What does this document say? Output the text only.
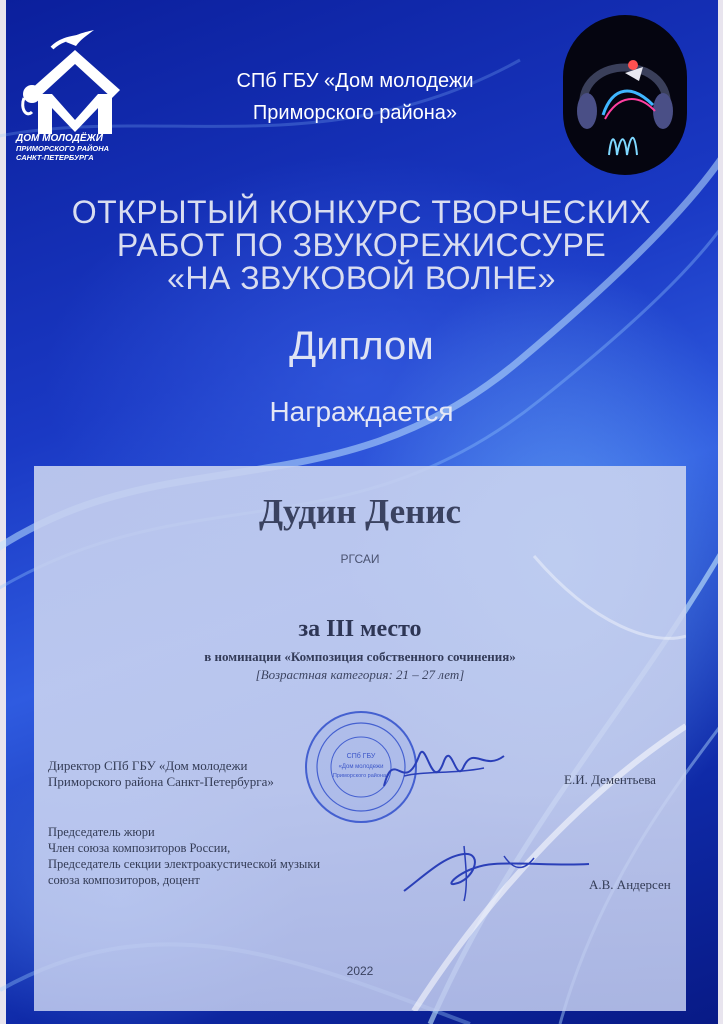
ДОМ МОЛОДЁЖИ
ПРИМОРСКОГО РАЙОНА
САНКТ-ПЕТЕРБУРГА
СПб ГБУ «Дом молодежи
Приморского района»
ОТКРЫТЫЙ КОНКУРС ТВОРЧЕСКИХ
РАБОТ ПО ЗВУКОРЕЖИССУРЕ
«НА ЗВУКОВОЙ ВОЛНЕ»
Диплом
Награждается
Дудин Денис
РГСАИ
за III место
в номинации «Композиция собственного сочинения»
[Возрастная категория: 21 – 27 лет]
Директор СПб ГБУ «Дом молодежи
Приморского района Санкт-Петербурга»	Е.И. Дементьева
СПб ГБУ
«Дом молодежи
Приморского района»
Председатель жюри
Член союза композиторов России,
Председатель секции электроакустической музыки
союза композиторов, доцент	А.В. Андерсен
2022
